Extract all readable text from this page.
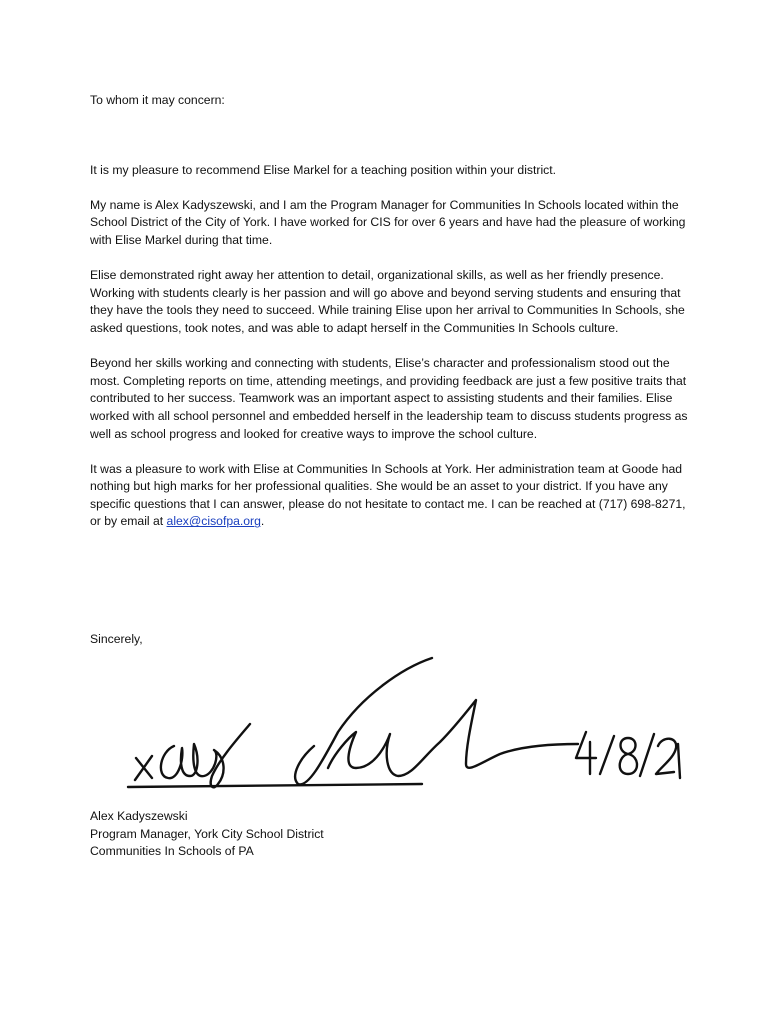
To whom it may concern:

It is my pleasure to recommend Elise Markel for a teaching position within your district.

My name is Alex Kadyszewski, and I am the Program Manager for Communities In Schools located within the School District of the City of York. I have worked for CIS for over 6 years and have had the pleasure of working with Elise Markel during that time.

Elise demonstrated right away her attention to detail, organizational skills, as well as her friendly presence. Working with students clearly is her passion and will go above and beyond serving students and ensuring that they have the tools they need to succeed. While training Elise upon her arrival to Communities In Schools, she asked questions, took notes, and was able to adapt herself in the Communities In Schools culture.

Beyond her skills working and connecting with students, Elise’s character and professionalism stood out the most. Completing reports on time, attending meetings, and providing feedback are just a few positive traits that contributed to her success. Teamwork was an important aspect to assisting students and their families. Elise worked with all school personnel and embedded herself in the leadership team to discuss students progress as well as school progress and looked for creative ways to improve the school culture.

It was a pleasure to work with Elise at Communities In Schools at York. Her administration team at Goode had nothing but high marks for her professional qualities. She would be an asset to your district. If you have any specific questions that I can answer, please do not hesitate to contact me. I can be reached at (717) 698-8271, or by email at alex@cisofpa.org.

Sincerely,
Alex Kadyszewski
Program Manager, York City School District
Communities In Schools of PA
